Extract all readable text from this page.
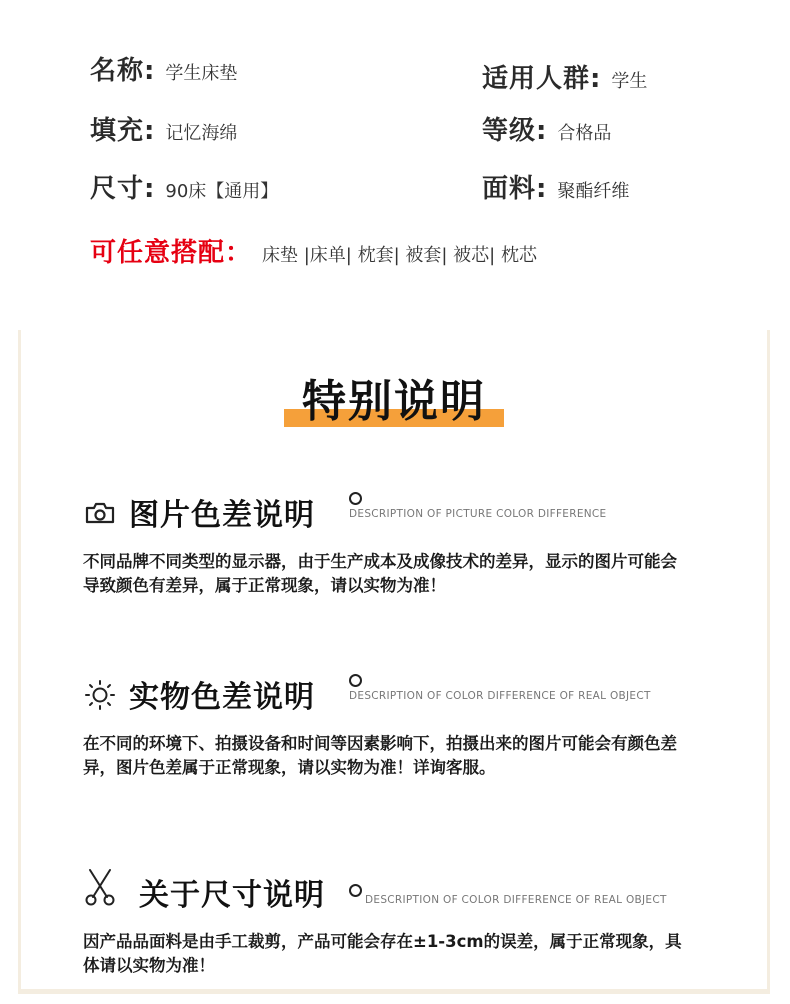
名称: 学生床垫	适用人群: 学生
填充: 记忆海绵	等级: 合格品
尺寸: 90床【通用】	面料: 聚酯纤维
可任意搭配： 床垫 |床单| 枕套| 被套| 被芯| 枕芯
特别说明
图片色差说明	DESCRIPTION OF PICTURE COLOR DIFFERENCE
不同品牌不同类型的显示器，由于生产成本及成像技术的差异，显示的图片可能会导致颜色有差异，属于正常现象，请以实物为准！
实物色差说明	DESCRIPTION OF COLOR DIFFERENCE OF REAL OBJECT
在不同的环境下、拍摄设备和时间等因素影响下，拍摄出来的图片可能会有颜色差异，图片色差属于正常现象，请以实物为准！详询客服。
关于尺寸说明	DESCRIPTION OF COLOR DIFFERENCE OF REAL OBJECT
因产品品面料是由手工裁剪，产品可能会存在±1-3cm的误差，属于正常现象，具体请以实物为准！
